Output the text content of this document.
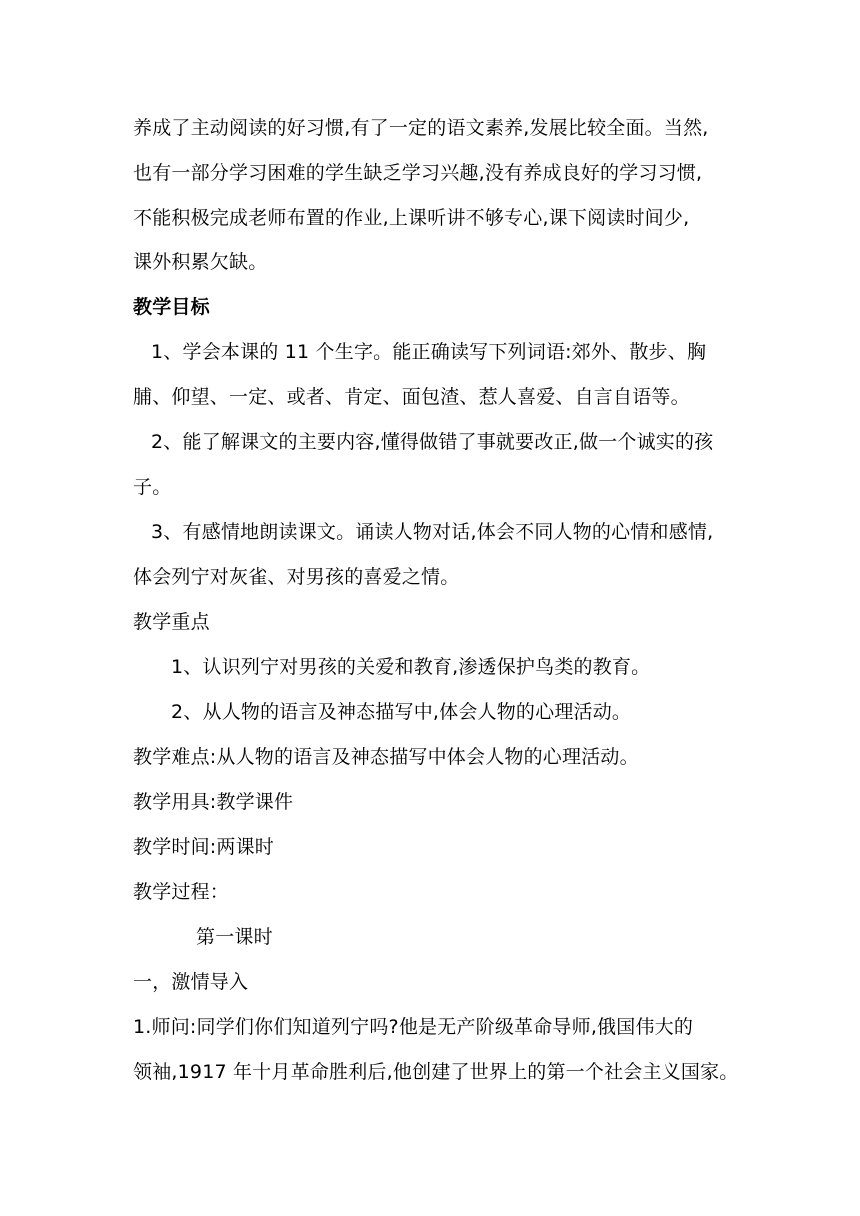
养成了主动阅读的好习惯,有了一定的语文素养,发展比较全面。当然,
也有一部分学习困难的学生缺乏学习兴趣,没有养成良好的学习习惯,
不能积极完成老师布置的作业,上课听讲不够专心,课下阅读时间少,
课外积累欠缺。
教学目标
1、学会本课的 11 个生字。能正确读写下列词语:郊外、散步、胸
脯、仰望、一定、或者、肯定、面包渣、惹人喜爱、自言自语等。
2、能了解课文的主要内容,懂得做错了事就要改正,做一个诚实的孩
子。
3、有感情地朗读课文。诵读人物对话,体会不同人物的心情和感情,
体会列宁对灰雀、对男孩的喜爱之情。
教学重点
1、认识列宁对男孩的关爱和教育,渗透保护鸟类的教育。
2、从人物的语言及神态描写中,体会人物的心理活动。
教学难点:从人物的语言及神态描写中体会人物的心理活动。
教学用具:教学课件
教学时间:两课时
教学过程：
第一课时
一，激情导入
1.师问:同学们你们知道列宁吗?他是无产阶级革命导师,俄国伟大的
领袖,1917 年十月革命胜利后,他创建了世界上的第一个社会主义国家。
